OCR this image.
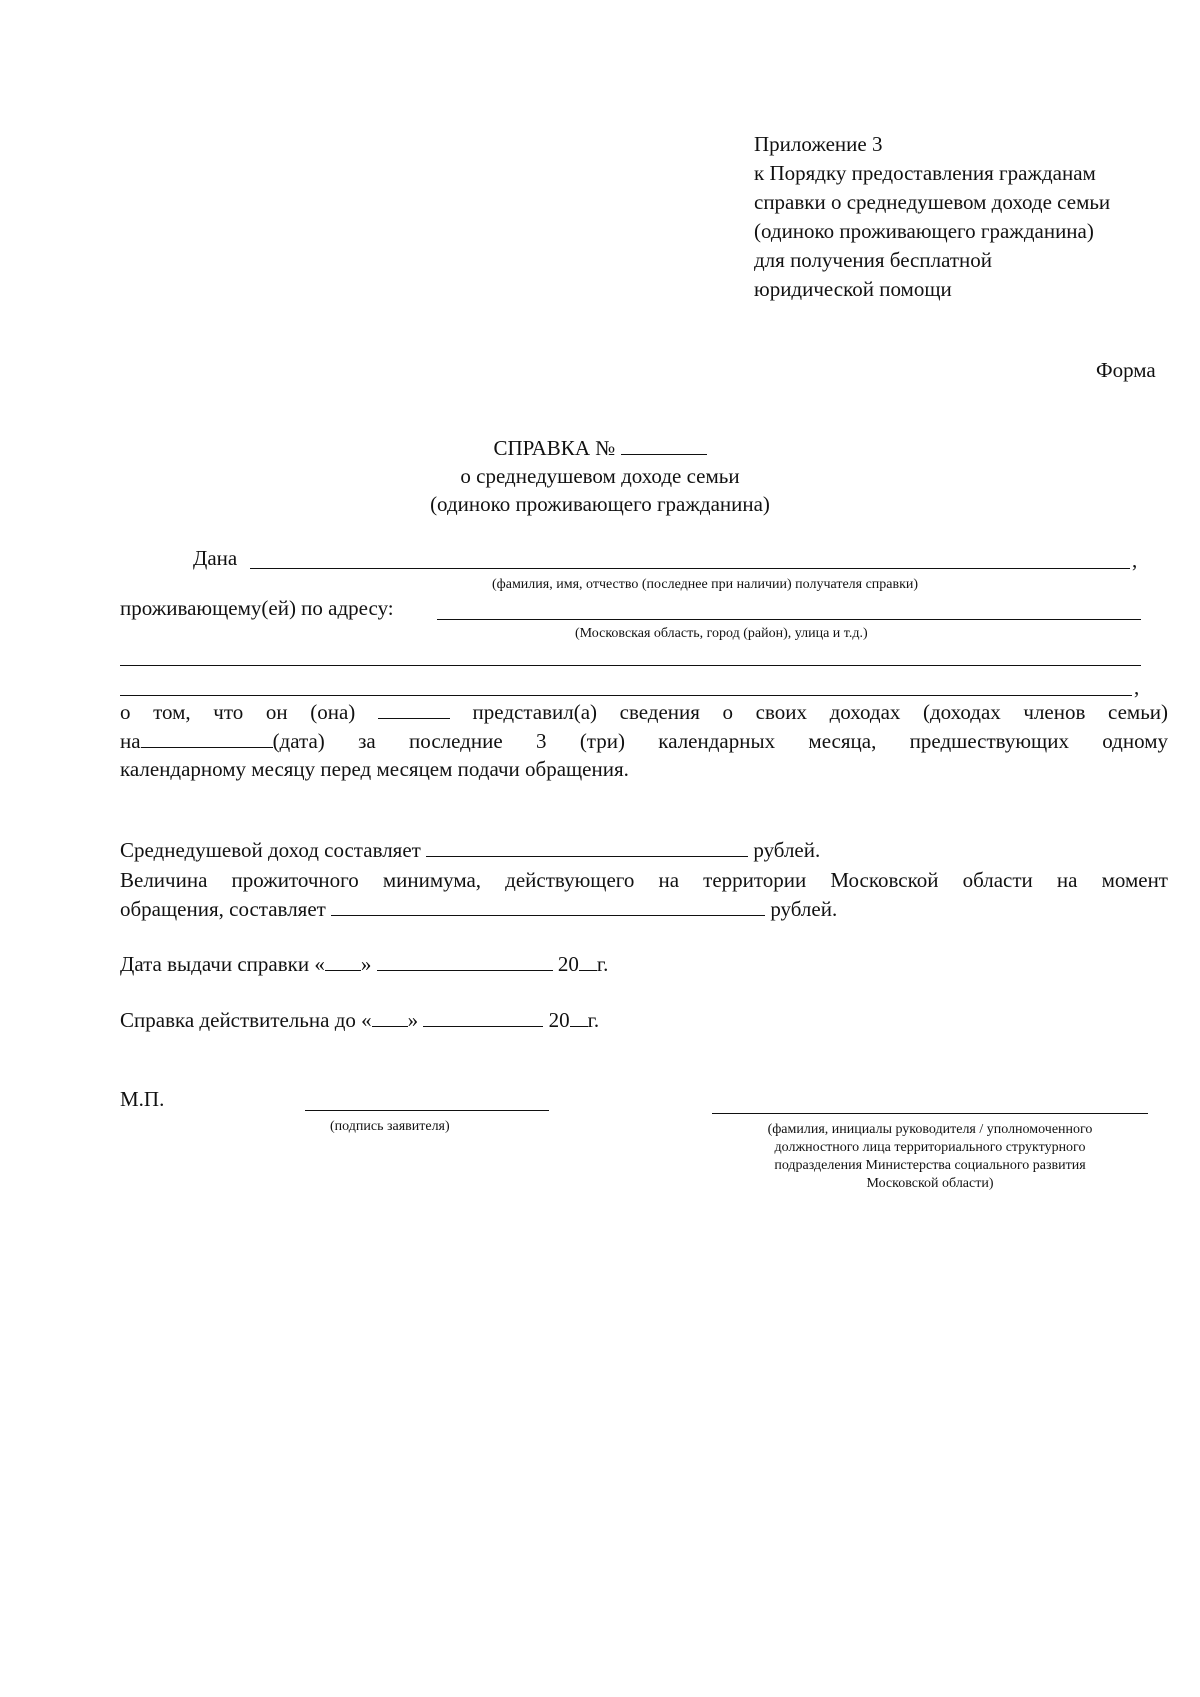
Приложение 3
к Порядку предоставления гражданам
справки о среднедушевом доходе семьи
(одиноко проживающего гражданина)
для получения бесплатной
юридической помощи
Форма
СПРАВКА №
о среднедушевом доходе семьи
(одиноко проживающего гражданина)
Дана	,
(фамилия, имя, отчество (последнее при наличии) получателя справки)
проживающему(ей) по адресу:
(Московская область, город (район), улица и т.д.)
,
о том, что он (она)	представил(а) сведения о своих доходах (доходах членов семьи)
на	(дата) за последние 3 (три) календарных месяца, предшествующих одному
календарному месяцу перед месяцем подачи обращения.
Среднедушевой доход составляет	рублей.
Величина прожиточного минимума, действующего на территории Московской области на момент
обращения, составляет	рублей.
Дата выдачи справки « »	20 г.
Справка действительна до « »	20 г.
М.П.
(подпись заявителя)	(фамилия, инициалы руководителя / уполномоченного
должностного лица территориального структурного
подразделения Министерства социального развития
Московской области)
